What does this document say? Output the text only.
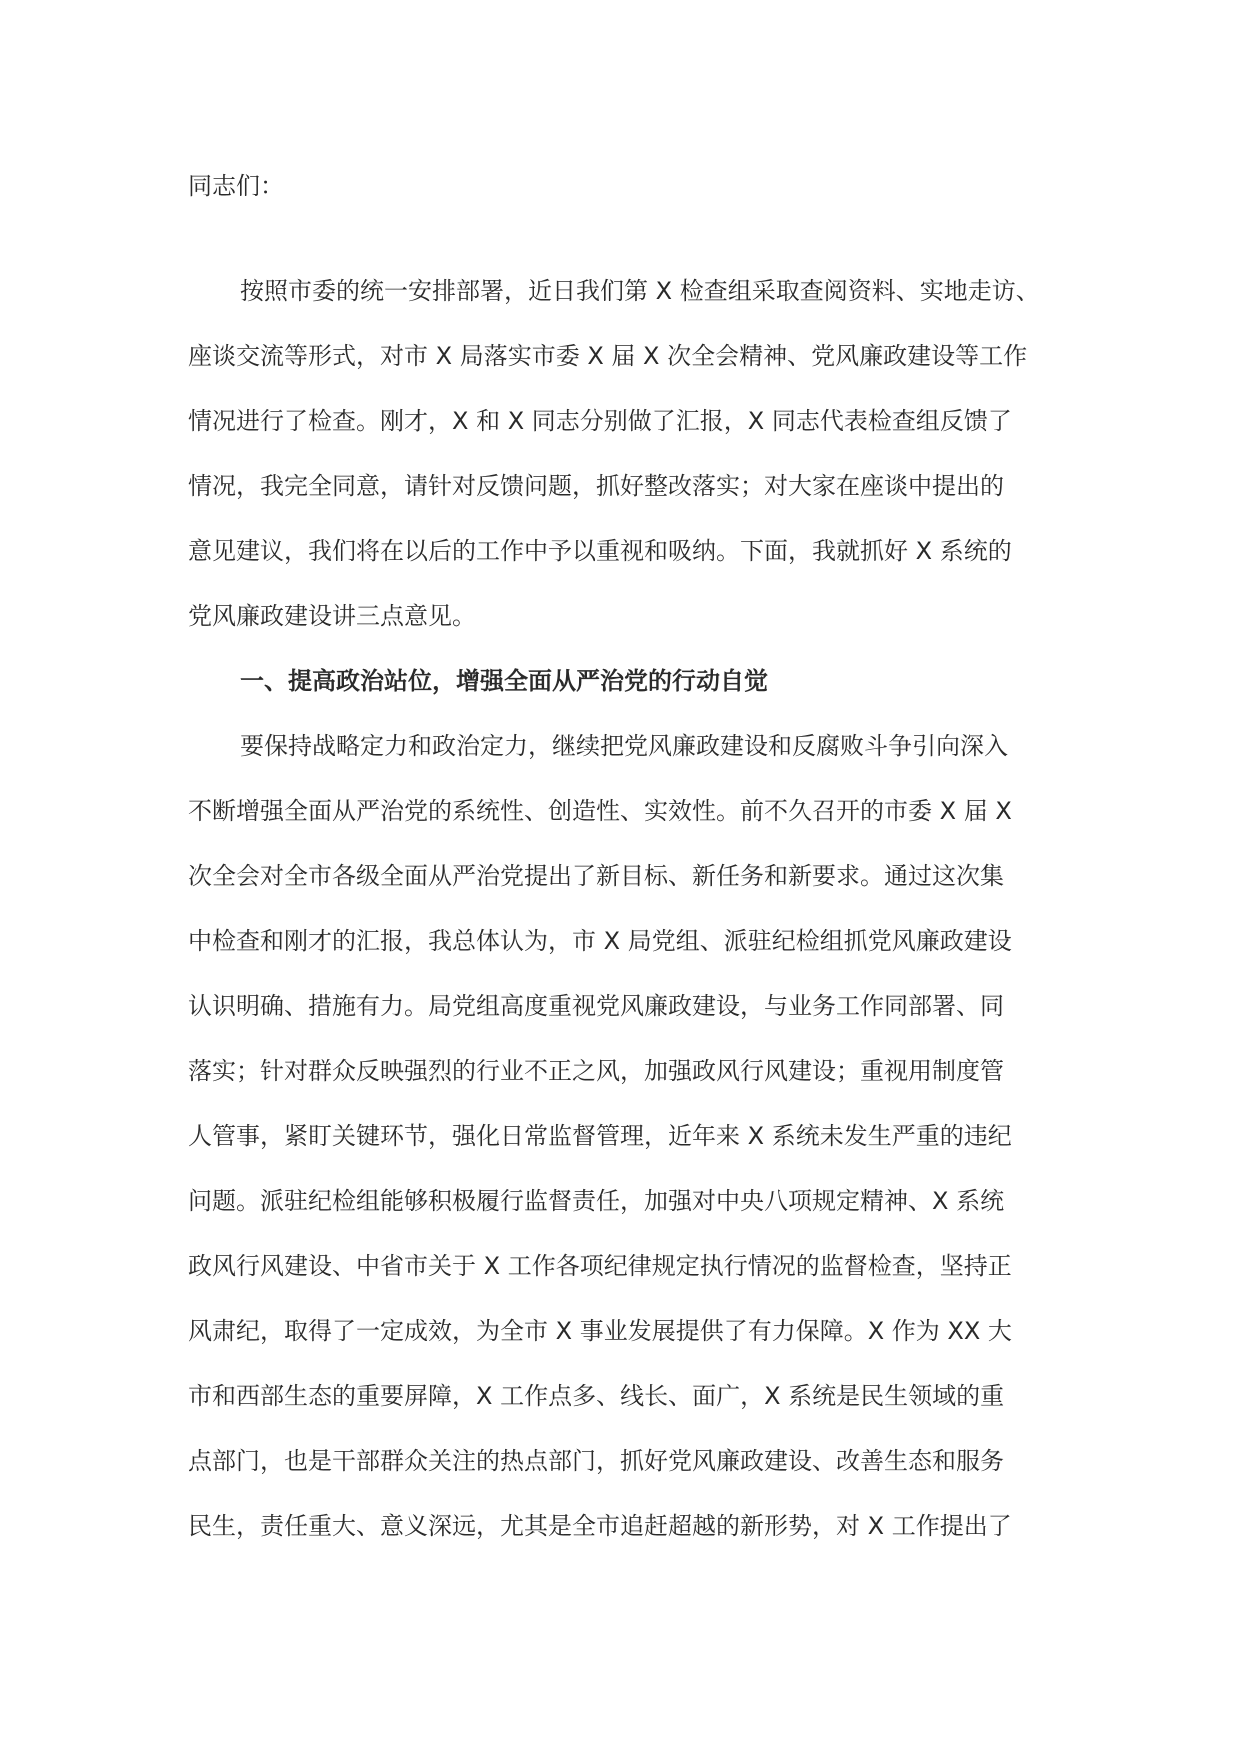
同志们：
按照市委的统一安排部署，近日我们第 X 检查组采取查阅资料、实地走访、
座谈交流等形式，对市 X 局落实市委 X 届 X 次全会精神、党风廉政建设等工作
情况进行了检查。刚才，X 和 X 同志分别做了汇报，X 同志代表检查组反馈了
情况，我完全同意，请针对反馈问题，抓好整改落实；对大家在座谈中提出的
意见建议，我们将在以后的工作中予以重视和吸纳。下面，我就抓好 X 系统的
党风廉政建设讲三点意见。
一、提高政治站位，增强全面从严治党的行动自觉
要保持战略定力和政治定力，继续把党风廉政建设和反腐败斗争引向深入
不断增强全面从严治党的系统性、创造性、实效性。前不久召开的市委 X 届 X
次全会对全市各级全面从严治党提出了新目标、新任务和新要求。通过这次集
中检查和刚才的汇报，我总体认为，市 X 局党组、派驻纪检组抓党风廉政建设
认识明确、措施有力。局党组高度重视党风廉政建设，与业务工作同部署、同
落实；针对群众反映强烈的行业不正之风，加强政风行风建设；重视用制度管
人管事，紧盯关键环节，强化日常监督管理，近年来 X 系统未发生严重的违纪
问题。派驻纪检组能够积极履行监督责任，加强对中央八项规定精神、X 系统
政风行风建设、中省市关于 X 工作各项纪律规定执行情况的监督检查，坚持正
风肃纪，取得了一定成效，为全市 X 事业发展提供了有力保障。X 作为 XX 大
市和西部生态的重要屏障，X 工作点多、线长、面广，X 系统是民生领域的重
点部门，也是干部群众关注的热点部门，抓好党风廉政建设、改善生态和服务
民生，责任重大、意义深远，尤其是全市追赶超越的新形势，对 X 工作提出了
